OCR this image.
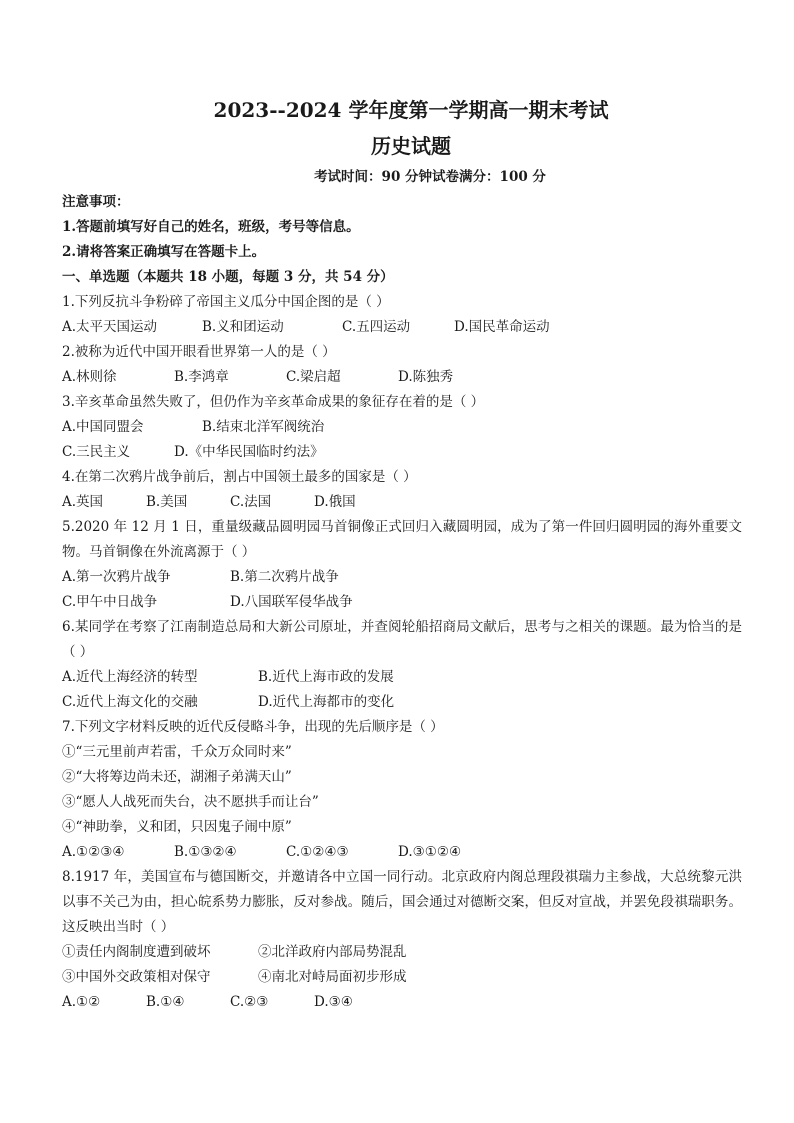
2023--2024 学年度第一学期高一期末考试
历史试题
考试时间：90 分钟试卷满分：100 分
注意事项：
1.答题前填写好自己的姓名，班级，考号等信息。
2.请将答案正确填写在答题卡上。
一、单选题（本题共 18 小题，每题 3 分，共 54 分）
1.下列反抗斗争粉碎了帝国主义瓜分中国企图的是（ ）
A.太平天国运动	B.义和团运动	C.五四运动	D.国民革命运动
2.被称为近代中国开眼看世界第一人的是（ ）
A.林则徐	B.李鸿章	C.梁启超	D.陈独秀
3.辛亥革命虽然失败了，但仍作为辛亥革命成果的象征存在着的是（ ）
A.中国同盟会	B.结束北洋军阀统治
C.三民主义	D.《中华民国临时约法》
4.在第二次鸦片战争前后，割占中国领土最多的国家是（ ）
A.英国	B.美国	C.法国	D.俄国
5.2020 年 12 月 1 日，重量级藏品圆明园马首铜像正式回归入藏圆明园，成为了第一件回归圆明园的海外重要文物。马首铜像在外流离源于（ ）
A.第一次鸦片战争	B.第二次鸦片战争
C.甲午中日战争	D.八国联军侵华战争
6.某同学在考察了江南制造总局和大新公司原址，并查阅轮船招商局文献后，思考与之相关的课题。最为恰当的是（ ）
A.近代上海经济的转型	B.近代上海市政的发展
C.近代上海文化的交融	D.近代上海都市的变化
7.下列文字材料反映的近代反侵略斗争，出现的先后顺序是（ ）
①“三元里前声若雷，千众万众同时来”
②“大将筹边尚未还，湖湘子弟满天山”
③“愿人人战死而失台，决不愿拱手而让台”
④“神助拳，义和团，只因鬼子闹中原”
A.①②③④	B.①③②④	C.①②④③	D.③①②④
8.1917 年，美国宣布与德国断交，并邀请各中立国一同行动。北京政府内阁总理段祺瑞力主参战，大总统黎元洪以事不关己为由，担心皖系势力膨胀，反对参战。随后，国会通过对德断交案，但反对宣战，并罢免段祺瑞职务。这反映出当时（ ）
①责任内阁制度遭到破坏	②北洋政府内部局势混乱
③中国外交政策相对保守	④南北对峙局面初步形成
A.①②	B.①④	C.②③	D.③④
